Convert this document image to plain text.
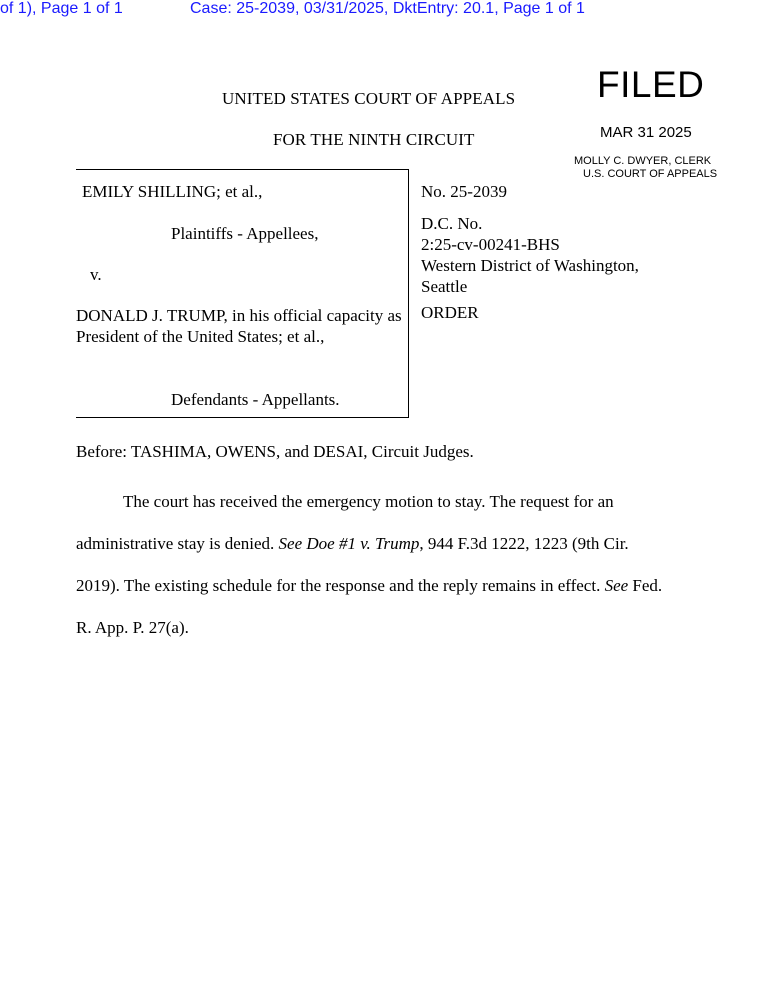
of 1), Page 1 of 1	Case: 25-2039, 03/31/2025, DktEntry: 20.1, Page 1 of 1
UNITED STATES COURT OF APPEALS
FOR THE NINTH CIRCUIT
FILED
MAR 31 2025
MOLLY C. DWYER, CLERK
U.S. COURT OF APPEALS
EMILY SHILLING; et al.,
Plaintiffs - Appellees,
v.
DONALD J. TRUMP, in his official capacity as President of the United States; et al.,
Defendants - Appellants.
No. 25-2039
D.C. No.
2:25-cv-00241-BHS
Western District of Washington,
Seattle
ORDER
Before: TASHIMA, OWENS, and DESAI, Circuit Judges.
The court has received the emergency motion to stay. The request for an administrative stay is denied. See Doe #1 v. Trump, 944 F.3d 1222, 1223 (9th Cir. 2019). The existing schedule for the response and the reply remains in effect. See Fed. R. App. P. 27(a).
